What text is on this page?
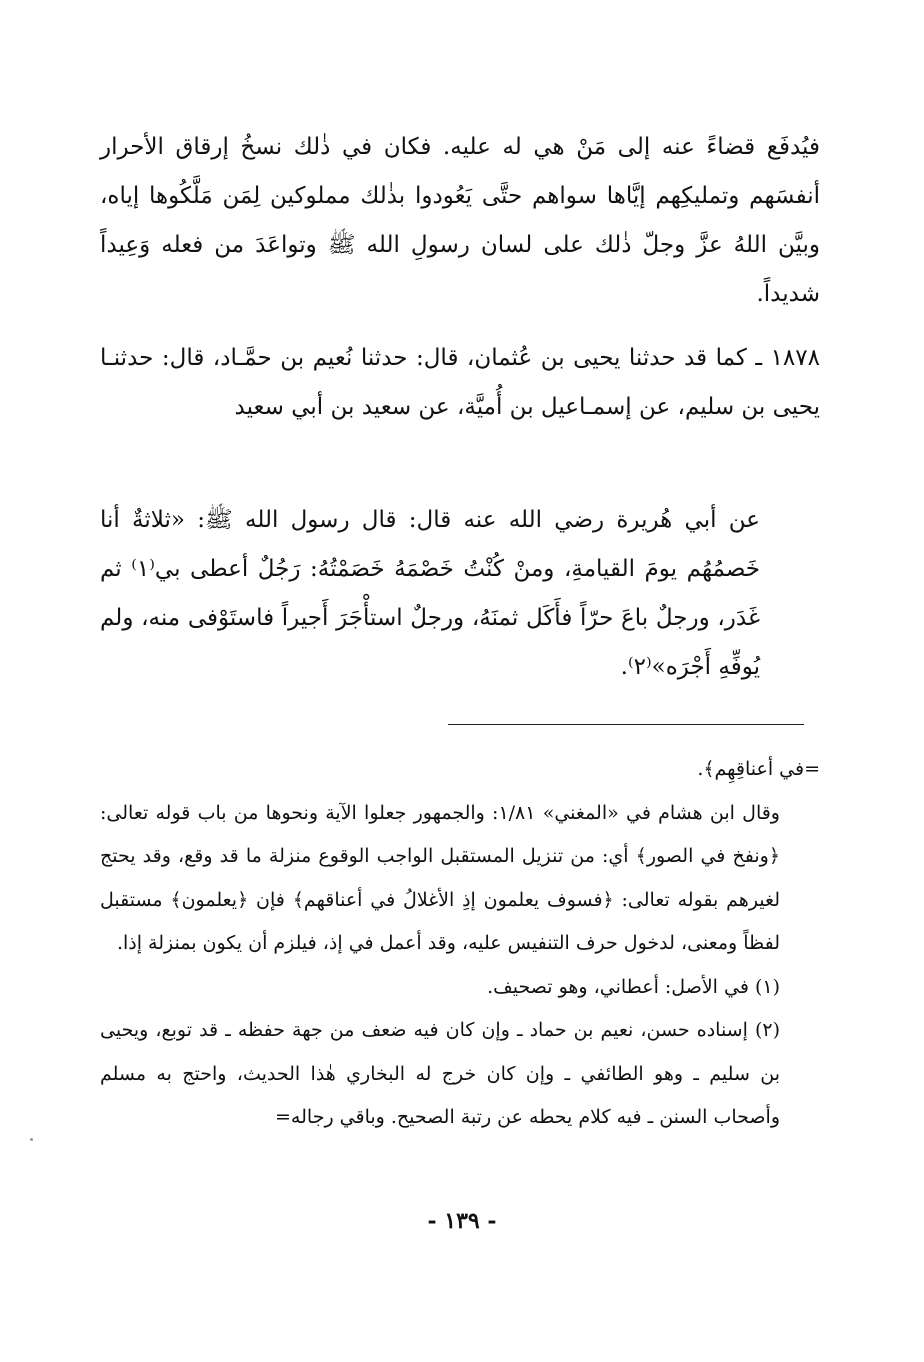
فيُدفَع قضاءً عنه إلى مَنْ هي له عليه. فكان في ذٰلك نسخُ إرقاق الأحرار أنفسَهم وتمليكِهم إيَّاها سواهم حتَّى يَعُودوا بذٰلك مملوكين لِمَن مَلَّكُوها إياه، وبيَّن اللهُ عزَّ وجلّ ذٰلك على لسان رسولِ الله ﷺ وتواعَدَ من فعله وَعِيداً شديداً.

١٨٧٨ ـ كما قد حدثنا يحيى بن عُثمان، قال: حدثنا نُعيم بن حمَّـاد، قال: حدثنـا يحيى بن سليم، عن إسمـاعيل بن أُميَّة، عن سعيد بن أبي سعيد

عن أبي هُريرة رضي الله عنه قال: قال رسول الله ﷺ: «ثلاثةٌ أنا خَصمُهُم يومَ القيامةِ، ومنْ كُنْتُ خَصْمَهُ خَصَمْتُهُ: رَجُلٌ أعطى بي⁽١⁾ ثم غَدَر، ورجلٌ باعَ حرّاً فأَكَل ثمنَهُ، ورجلٌ استأْجَرَ أَجيراً فاستَوْفى منه، ولم يُوفِّهِ أَجْرَه»⁽٢⁾.

=في أعناقِهِم﴾.

وقال ابن هشام في «المغني» ١/٨١: والجمهور جعلوا الآية ونحوها من باب قوله تعالى: ﴿ونفخ في الصور﴾ أي: من تنزيل المستقبل الواجب الوقوع منزلة ما قد وقع، وقد يحتج لغيرهم بقوله تعالى: ﴿فسوف يعلمون إذِ الأغلالُ في أعناقهم﴾ فإن ﴿يعلمون﴾ مستقبل لفظاً ومعنى، لدخول حرف التنفيس عليه، وقد أعمل في إذ، فيلزم أن يكون بمنزلة إذا.

(١) في الأصل: أعطاني، وهو تصحيف.

(٢) إسناده حسن، نعيم بن حماد ـ وإن كان فيه ضعف من جهة حفظه ـ قد توبع، ويحيى بن سليم ـ وهو الطائفي ـ وإن كان خرج له البخاري هٰذا الحديث، واحتج به مسلم وأصحاب السنن ـ فيه كلام يحطه عن رتبة الصحيح. وباقي رجاله=

- ١٣٩ -
